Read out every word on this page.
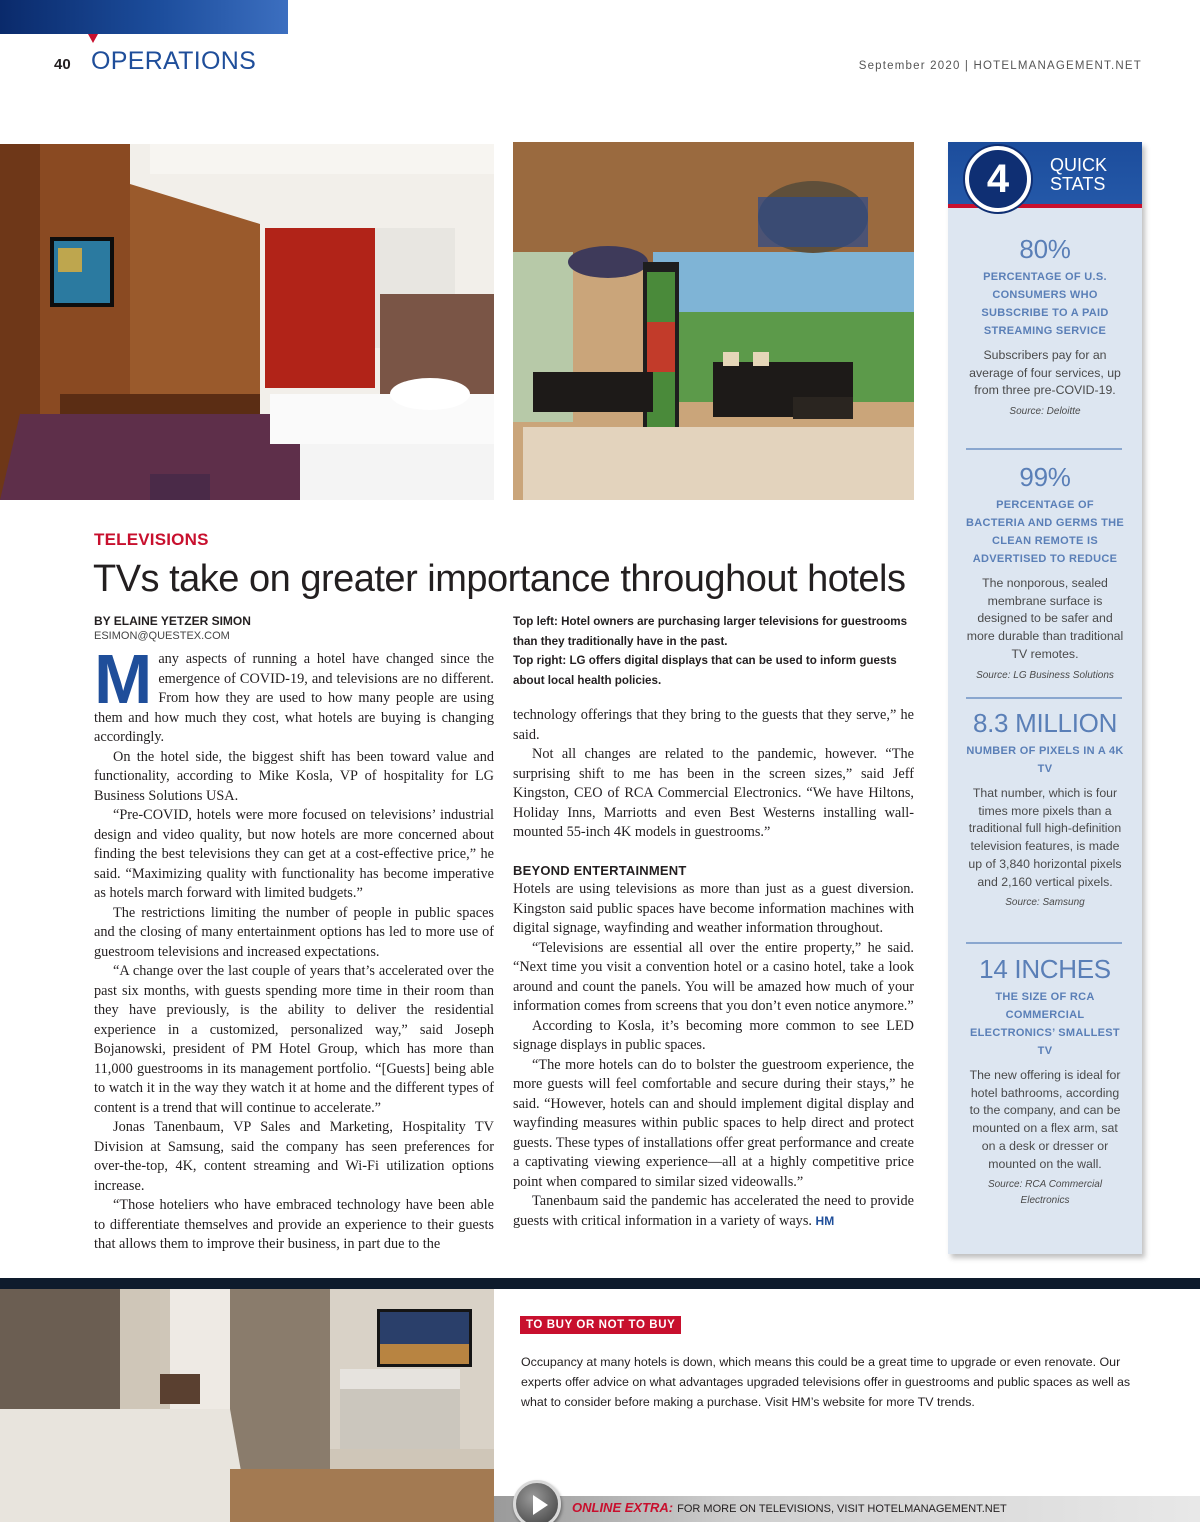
40 OPERATIONS	September 2020 | HOTELMANAGEMENT.NET
TELEVISIONS
TVs take on greater importance throughout hotels
BY ELAINE YETZER SIMON
ESIMON@QUESTEX.COM
M any aspects of running a hotel have changed since the emergence of COVID-19, and televisions are no different. From how they are used to how many people are using them and how much they cost, what hotels are buying is changing accordingly.

On the hotel side, the biggest shift has been toward value and functionality, according to Mike Kosla, VP of hospitality for LG Business Solutions USA.

“Pre-COVID, hotels were more focused on televisions’ industrial design and video quality, but now hotels are more concerned about finding the best televisions they can get at a cost-effective price,” he said. “Maximizing quality with functionality has become imperative as hotels march forward with limited budgets.”

The restrictions limiting the number of people in public spaces and the closing of many entertainment options has led to more use of guestroom televisions and increased expectations.

“A change over the last couple of years that’s accelerated over the past six months, with guests spending more time in their room than they have previously, is the ability to deliver the residential experience in a customized, personalized way,” said Joseph Bojanowski, president of PM Hotel Group, which has more than 11,000 guestrooms in its management portfolio. “[Guests] being able to watch it in the way they watch it at home and the different types of content is a trend that will continue to accelerate.”

Jonas Tanenbaum, VP Sales and Marketing, Hospitality TV Division at Samsung, said the company has seen preferences for over-the-top, 4K, content streaming and Wi-Fi utilization options increase.

“Those hoteliers who have embraced technology have been able to differentiate themselves and provide an experience to their guests that allows them to improve their business, in part due to the

Top left: Hotel owners are purchasing larger televisions for guestrooms than they traditionally have in the past.
Top right: LG offers digital displays that can be used to inform guests about local health policies.

technology offerings that they bring to the guests that they serve,” he said.

Not all changes are related to the pandemic, however. “The surprising shift to me has been in the screen sizes,” said Jeff Kingston, CEO of RCA Commercial Electronics. “We have Hiltons, Holiday Inns, Marriotts and even Best Westerns installing wall-mounted 55-inch 4K models in guestrooms.”

BEYOND ENTERTAINMENT

Hotels are using televisions as more than just as a guest diversion. Kingston said public spaces have become information machines with digital signage, wayfinding and weather information throughout.

“Televisions are essential all over the entire property,” he said. “Next time you visit a convention hotel or a casino hotel, take a look around and count the panels. You will be amazed how much of your information comes from screens that you don’t even notice anymore.”

According to Kosla, it’s becoming more common to see LED signage displays in public spaces.

“The more hotels can do to bolster the guestroom experience, the more guests will feel comfortable and secure during their stays,” he said. “However, hotels can and should implement digital display and wayfinding measures within public spaces to help direct and protect guests. These types of installations offer great performance and create a captivating viewing experience—all at a highly competitive price point when compared to similar sized videowalls.”

Tanenbaum said the pandemic has accelerated the need to provide guests with critical information in a variety of ways. HM

4	QUICK STATS
80%
PERCENTAGE OF U.S. CONSUMERS WHO SUBSCRIBE TO A PAID STREAMING SERVICE
Subscribers pay for an average of four services, up from three pre-COVID-19.
Source: Deloitte
99%
PERCENTAGE OF BACTERIA AND GERMS THE CLEAN REMOTE IS ADVERTISED TO REDUCE
The nonporous, sealed membrane surface is designed to be safer and more durable than traditional TV remotes.
Source: LG Business Solutions
8.3 MILLION
NUMBER OF PIXELS IN A 4K TV
That number, which is four times more pixels than a traditional full high-definition television features, is made up of 3,840 horizontal pixels and 2,160 vertical pixels.
Source: Samsung
14 INCHES
THE SIZE OF RCA COMMERCIAL ELECTRONICS’ SMALLEST TV
The new offering is ideal for hotel bathrooms, according to the company, and can be mounted on a flex arm, sat on a desk or dresser or mounted on the wall.
Source: RCA Commercial Electronics
TO BUY OR NOT TO BUY
Occupancy at many hotels is down, which means this could be a great time to upgrade or even renovate. Our experts offer advice on what advantages upgraded televisions offer in guestrooms and public spaces as well as what to consider before making a purchase. Visit HM’s website for more TV trends.
ONLINE EXTRA: FOR MORE ON TELEVISIONS, VISIT HOTELMANAGEMENT.NET
